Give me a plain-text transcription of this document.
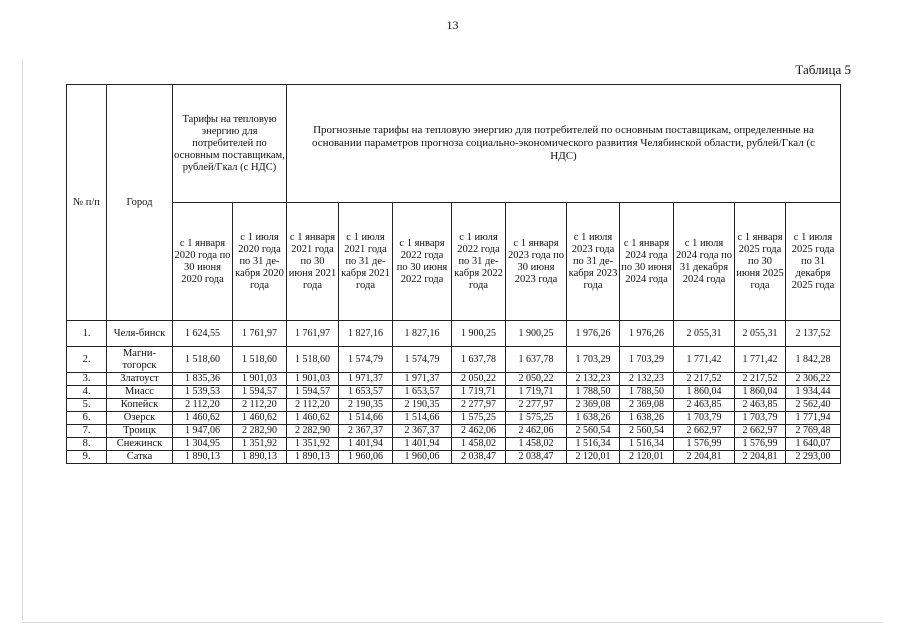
13
Таблица 5
№ п/п	Город	Тарифы на тепловую энергию для потребителей по основным поставщикам, рублей/Гкал (с НДС)		Прогнозные тарифы на тепловую энергию для потребителей по основным поставщикам, определенные на основании параметров прогноза социально-экономического развития Челябинской области, рублей/Гкал (с НДС)									
		с 1 января 2020 года по 30 июня 2020 года	с 1 июля 2020 года по 31 де-кабря 2020 года	с 1 января 2021 года по 30 июня 2021 года	с 1 июля 2021 года по 31 де-кабря 2021 года	с 1 января 2022 года по 30 июня 2022 года	с 1 июля 2022 года по 31 де-кабря 2022 года	с 1 января 2023 года по 30 июня 2023 года	с 1 июля 2023 года по 31 де-кабря 2023 года	с 1 января 2024 года по 30 июня 2024 года	с 1 июля 2024 года по 31 декабря 2024 года	с 1 января 2025 года по 30 июня 2025 года	с 1 июля 2025 года по 31 декабря 2025 года
1.	Челя-бинск	1 624,55	1 761,97	1 761,97	1 827,16	1 827,16	1 900,25	1 900,25	1 976,26	1 976,26	2 055,31	2 055,31	2 137,52
2.	Магни-тогорск	1 518,60	1 518,60	1 518,60	1 574,79	1 574,79	1 637,78	1 637,78	1 703,29	1 703,29	1 771,42	1 771,42	1 842,28
3.	Златоуст	1 835,36	1 901,03	1 901,03	1 971,37	1 971,37	2 050,22	2 050,22	2 132,23	2 132,23	2 217,52	2 217,52	2 306,22
4.	Миасс	1 539,53	1 594,57	1 594,57	1 653,57	1 653,57	1 719,71	1 719,71	1 788,50	1 788,50	1 860,04	1 860,04	1 934,44
5.	Копейск	2 112,20	2 112,20	2 112,20	2 190,35	2 190,35	2 277,97	2 277,97	2 369,08	2 369,08	2 463,85	2 463,85	2 562,40
6.	Озерск	1 460,62	1 460,62	1 460,62	1 514,66	1 514,66	1 575,25	1 575,25	1 638,26	1 638,26	1 703,79	1 703,79	1 771,94
7.	Троицк	1 947,06	2 282,90	2 282,90	2 367,37	2 367,37	2 462,06	2 462,06	2 560,54	2 560,54	2 662,97	2 662,97	2 769,48
8.	Снежинск	1 304,95	1 351,92	1 351,92	1 401,94	1 401,94	1 458,02	1 458,02	1 516,34	1 516,34	1 576,99	1 576,99	1 640,07
9.	Сатка	1 890,13	1 890,13	1 890,13	1 960,06	1 960,06	2 038,47	2 038,47	2 120,01	2 120,01	2 204,81	2 204,81	2 293,00
